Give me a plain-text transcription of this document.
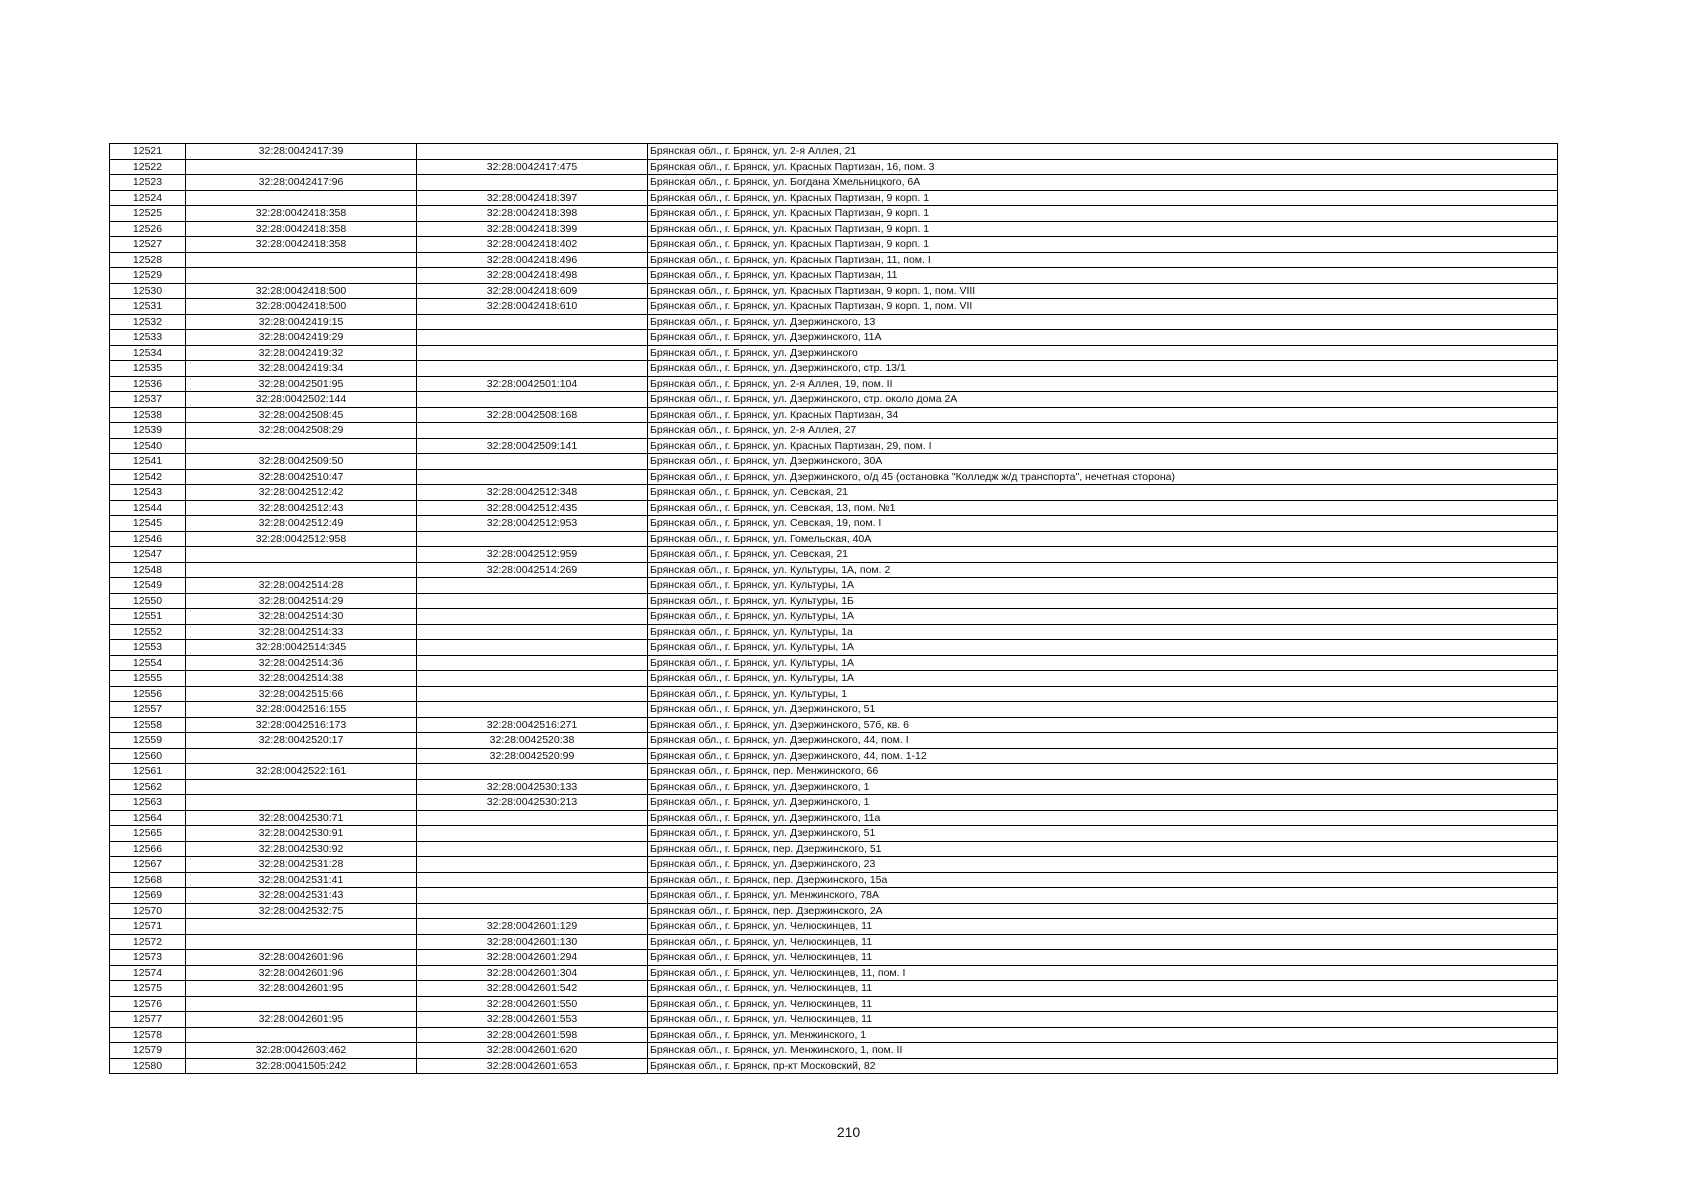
12521	32:28:0042417:39		Брянская обл., г. Брянск, ул. 2-я Аллея, 21
12522		32:28:0042417:475	Брянская обл., г. Брянск, ул. Красных Партизан, 16, пом. 3
12523	32:28:0042417:96		Брянская обл., г. Брянск, ул. Богдана Хмельницкого, 6А
12524		32:28:0042418:397	Брянская обл., г. Брянск, ул. Красных Партизан, 9 корп. 1
12525	32:28:0042418:358	32:28:0042418:398	Брянская обл., г. Брянск, ул. Красных Партизан, 9 корп. 1
12526	32:28:0042418:358	32:28:0042418:399	Брянская обл., г. Брянск, ул. Красных Партизан, 9 корп. 1
12527	32:28:0042418:358	32:28:0042418:402	Брянская обл., г. Брянск, ул. Красных Партизан, 9 корп. 1
12528		32:28:0042418:496	Брянская обл., г. Брянск, ул. Красных Партизан, 11, пом. I
12529		32:28:0042418:498	Брянская обл., г. Брянск, ул. Красных Партизан, 11
12530	32:28:0042418:500	32:28:0042418:609	Брянская обл., г. Брянск, ул. Красных Партизан, 9 корп. 1, пом. VIII
12531	32:28:0042418:500	32:28:0042418:610	Брянская обл., г. Брянск, ул. Красных Партизан, 9 корп. 1, пом. VII
12532	32:28:0042419:15		Брянская обл., г. Брянск, ул. Дзержинского, 13
12533	32:28:0042419:29		Брянская обл., г. Брянск, ул. Дзержинского, 11А
12534	32:28:0042419:32		Брянская обл., г. Брянск, ул. Дзержинского
12535	32:28:0042419:34		Брянская обл., г. Брянск, ул. Дзержинского, стр. 13/1
12536	32:28:0042501:95	32:28:0042501:104	Брянская обл., г. Брянск, ул. 2-я Аллея, 19, пом. II
12537	32:28:0042502:144		Брянская обл., г. Брянск, ул. Дзержинского, стр. около дома 2А
12538	32:28:0042508:45	32:28:0042508:168	Брянская обл., г. Брянск, ул. Красных Партизан, 34
12539	32:28:0042508:29		Брянская обл., г. Брянск, ул. 2-я Аллея, 27
12540		32:28:0042509:141	Брянская обл., г. Брянск, ул. Красных Партизан, 29, пом. I
12541	32:28:0042509:50		Брянская обл., г. Брянск, ул. Дзержинского, 30А
12542	32:28:0042510:47		Брянская обл., г. Брянск, ул. Дзержинского, о/д 45 (остановка "Колледж ж/д транспорта", нечетная сторона)
12543	32:28:0042512:42	32:28:0042512:348	Брянская обл., г. Брянск, ул. Севская, 21
12544	32:28:0042512:43	32:28:0042512:435	Брянская обл., г. Брянск, ул. Севская, 13, пом. №1
12545	32:28:0042512:49	32:28:0042512:953	Брянская обл., г. Брянск, ул. Севская, 19, пом. I
12546	32:28:0042512:958		Брянская обл., г. Брянск, ул. Гомельская, 40А
12547		32:28:0042512:959	Брянская обл., г. Брянск, ул. Севская, 21
12548		32:28:0042514:269	Брянская обл., г. Брянск, ул. Культуры, 1А, пом. 2
12549	32:28:0042514:28		Брянская обл., г. Брянск, ул. Культуры, 1А
12550	32:28:0042514:29		Брянская обл., г. Брянск, ул. Культуры, 1Б
12551	32:28:0042514:30		Брянская обл., г. Брянск, ул. Культуры, 1А
12552	32:28:0042514:33		Брянская обл., г. Брянск, ул. Культуры, 1а
12553	32:28:0042514:345		Брянская обл., г. Брянск, ул. Культуры, 1А
12554	32:28:0042514:36		Брянская обл., г. Брянск, ул. Культуры, 1А
12555	32:28:0042514:38		Брянская обл., г. Брянск, ул. Культуры, 1А
12556	32:28:0042515:66		Брянская обл., г. Брянск, ул. Культуры, 1
12557	32:28:0042516:155		Брянская обл., г. Брянск, ул. Дзержинского, 51
12558	32:28:0042516:173	32:28:0042516:271	Брянская обл., г. Брянск, ул. Дзержинского, 57б, кв. 6
12559	32:28:0042520:17	32:28:0042520:38	Брянская обл., г. Брянск, ул. Дзержинского, 44, пом. I
12560		32:28:0042520:99	Брянская обл., г. Брянск, ул. Дзержинского, 44, пом. 1-12
12561	32:28:0042522:161		Брянская обл., г. Брянск, пер. Менжинского, 66
12562		32:28:0042530:133	Брянская обл., г. Брянск, ул. Дзержинского, 1
12563		32:28:0042530:213	Брянская обл., г. Брянск, ул. Дзержинского, 1
12564	32:28:0042530:71		Брянская обл., г. Брянск, ул. Дзержинского, 11а
12565	32:28:0042530:91		Брянская обл., г. Брянск, ул. Дзержинского, 51
12566	32:28:0042530:92		Брянская обл., г. Брянск, пер. Дзержинского, 51
12567	32:28:0042531:28		Брянская обл., г. Брянск, ул. Дзержинского, 23
12568	32:28:0042531:41		Брянская обл., г. Брянск, пер. Дзержинского, 15а
12569	32:28:0042531:43		Брянская обл., г. Брянск, ул. Менжинского, 78А
12570	32:28:0042532:75		Брянская обл., г. Брянск, пер. Дзержинского, 2А
12571		32:28:0042601:129	Брянская обл., г. Брянск, ул. Челюскинцев, 11
12572		32:28:0042601:130	Брянская обл., г. Брянск, ул. Челюскинцев, 11
12573	32:28:0042601:96	32:28:0042601:294	Брянская обл., г. Брянск, ул. Челюскинцев, 11
12574	32:28:0042601:96	32:28:0042601:304	Брянская обл., г. Брянск, ул. Челюскинцев, 11, пом. I
12575	32:28:0042601:95	32:28:0042601:542	Брянская обл., г. Брянск, ул. Челюскинцев, 11
12576		32:28:0042601:550	Брянская обл., г. Брянск, ул. Челюскинцев, 11
12577	32:28:0042601:95	32:28:0042601:553	Брянская обл., г. Брянск, ул. Челюскинцев, 11
12578		32:28:0042601:598	Брянская обл., г. Брянск, ул. Менжинского, 1
12579	32:28:0042603:462	32:28:0042601:620	Брянская обл., г. Брянск, ул. Менжинского, 1, пом. II
12580	32:28:0041505:242	32:28:0042601:653	Брянская обл., г. Брянск, пр-кт Московский, 82
210
